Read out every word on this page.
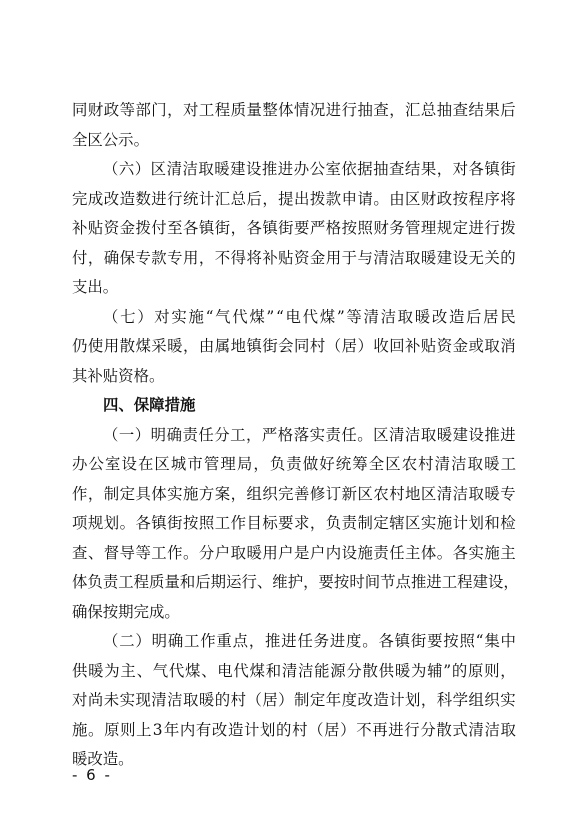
同 财 政 等 部 门 ， 对 工 程 质 量 整 体 情 况 进 行 抽 查 ， 汇 总 抽 查 结 果 后
全区公示。
（ 六 ） 区 清 洁 取 暖 建 设 推 进 办 公 室 依 据 抽 查 结 果 ， 对 各 镇 街
完 成 改 造 数 进 行 统 计 汇 总 后 ， 提 出 拨 款 申 请 。 由 区 财 政 按 程 序 将
补 贴 资 金 拨 付 至 各 镇 街 ， 各 镇 街 要 严 格 按 照 财 务 管 理 规 定 进 行 拨
付 ， 确 保 专 款 专 用 ， 不 得 将 补 贴 资 金 用 于 与 清 洁 取 暖 建 设 无 关 的
支出。
（ 七 ） 对 实 施 “ 气 代 煤 ” “ 电 代 煤 ” 等 清 洁 取 暖 改 造 后 居 民
仍 使 用 散 煤 采 暖 ， 由 属 地 镇 街 会 同 村 （ 居 ） 收 回 补 贴 资 金 或 取 消
其补贴资格。
四、保障措施
（ 一 ） 明 确 责 任 分 工 ， 严 格 落 实 责 任 。 区 清 洁 取 暖 建 设 推 进
办 公 室 设 在 区 城 市 管 理 局 ， 负 责 做 好 统 筹 全 区 农 村 清 洁 取 暖 工
作 ， 制 定 具 体 实 施 方 案 ， 组 织 完 善 修 订 新 区 农 村 地 区 清 洁 取 暖 专
项 规 划 。 各 镇 街 按 照 工 作 目 标 要 求 ， 负 责 制 定 辖 区 实 施 计 划 和 检
查 、 督 导 等 工 作 。 分 户 取 暖 用 户 是 户 内 设 施 责 任 主 体 。 各 实 施 主
体 负 责 工 程 质 量 和 后 期 运 行 、 维 护 ， 要 按 时 间 节 点 推 进 工 程 建 设 ，
确保按期完成。
（ 二 ） 明 确 工 作 重 点 ， 推 进 任 务 进 度 。 各 镇 街 要 按 照 “ 集 中
供 暖 为 主 、 气 代 煤 、 电 代 煤 和 清 洁 能 源 分 散 供 暖 为 辅 ” 的 原 则 ，
对 尚 未 实 现 清 洁 取 暖 的 村 （ 居 ） 制 定 年 度 改 造 计 划 ， 科 学 组 织 实
施 。 原 则 上 3 年 内 有 改 造 计 划 的 村 （ 居 ） 不 再 进 行 分 散 式 清 洁 取
暖改造。
- 6 -
